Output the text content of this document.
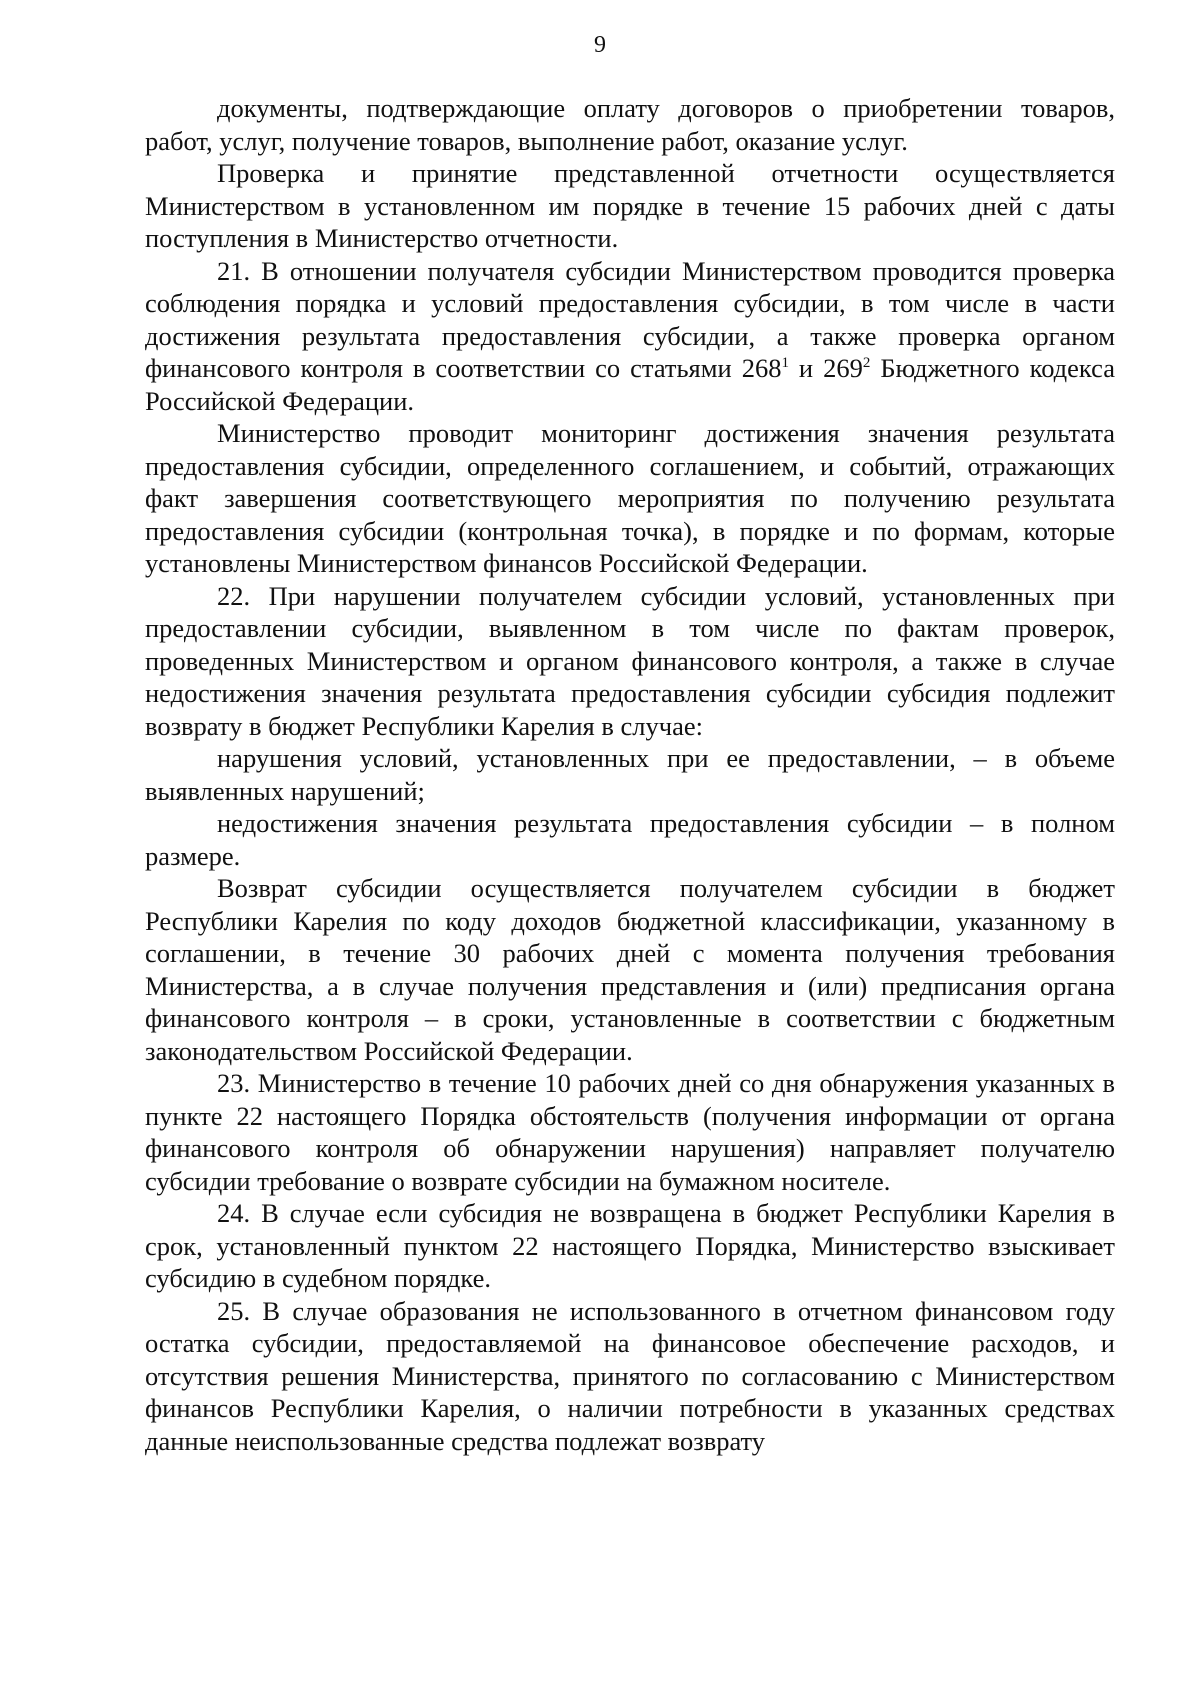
9

документы, подтверждающие оплату договоров о приобретении товаров, работ, услуг, получение товаров, выполнение работ, оказание услуг.

Проверка и принятие представленной отчетности осуществляется Министерством в установленном им порядке в течение 15 рабочих дней с даты поступления в Министерство отчетности.

21. В отношении получателя субсидии Министерством проводится проверка соблюдения порядка и условий предоставления субсидии, в том числе в части достижения результата предоставления субсидии, а также проверка органом финансового контроля в соответствии со статьями $268^1$ и $269^2$ Бюджетного кодекса Российской Федерации.

Министерство проводит мониторинг достижения значения результата предоставления субсидии, определенного соглашением, и событий, отражающих факт завершения соответствующего мероприятия по получению результата предоставления субсидии (контрольная точка), в порядке и по формам, которые установлены Министерством финансов Российской Федерации.

22. При нарушении получателем субсидии условий, установленных при предоставлении субсидии, выявленном в том числе по фактам проверок, проведенных Министерством и органом финансового контроля, а также в случае недостижения значения результата предоставления субсидии субсидия подлежит возврату в бюджет Республики Карелия в случае:

нарушения условий, установленных при ее предоставлении, – в объеме выявленных нарушений;

недостижения значения результата предоставления субсидии – в полном размере.

Возврат субсидии осуществляется получателем субсидии в бюджет Республики Карелия по коду доходов бюджетной классификации, указанному в соглашении, в течение 30 рабочих дней с момента получения требования Министерства, а в случае получения представления и (или) предписания органа финансового контроля – в сроки, установленные в соответствии с бюджетным законодательством Российской Федерации.

23. Министерство в течение 10 рабочих дней со дня обнаружения указанных в пункте 22 настоящего Порядка обстоятельств (получения информации от органа финансового контроля об обнаружении нарушения) направляет получателю субсидии требование о возврате субсидии на бумажном носителе.

24. В случае если субсидия не возвращена в бюджет Республики Карелия в срок, установленный пунктом 22 настоящего Порядка, Министерство взыскивает субсидию в судебном порядке.

25. В случае образования не использованного в отчетном финансовом году остатка субсидии, предоставляемой на финансовое обеспечение расходов, и отсутствия решения Министерства, принятого по согласованию с Министерством финансов Республики Карелия, о наличии потребности в указанных средствах данные неиспользованные средства подлежат возврату
